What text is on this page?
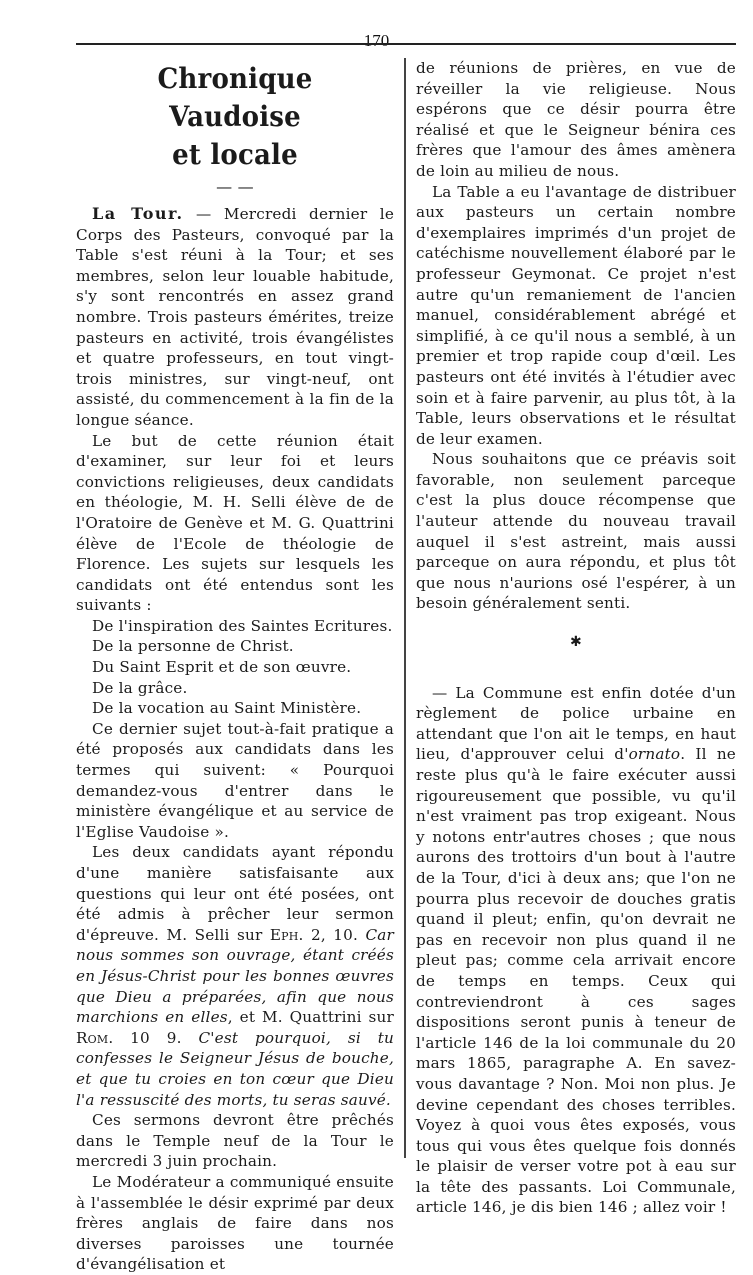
170
Chronique Vaudoise
et locale
— —

La Tour. — Mercredi dernier le Corps des Pasteurs, convoqué par la Table s'est réuni à la Tour; et ses membres, selon leur louable habitude, s'y sont rencontrés en assez grand nombre. Trois pasteurs émérites, treize pasteurs en activité, trois évangélistes et quatre professeurs, en tout vingt-trois ministres, sur vingt-neuf, ont assisté, du commencement à la fin de la longue séance.

Le but de cette réunion était d'examiner, sur leur foi et leurs convictions religieuses, deux candidats en théologie, M. H. Selli élève de de l'Oratoire de Genève et M. G. Quattrini élève de l'Ecole de théologie de Florence. Les sujets sur lesquels les candidats ont été entendus sont les suivants :

De l'inspiration des Saintes Ecritures.

De la personne de Christ.

Du Saint Esprit et de son œuvre.

De la grâce.

De la vocation au Saint Ministère.

Ce dernier sujet tout-à-fait pratique a été proposés aux candidats dans les termes qui suivent: « Pourquoi demandez-vous d'entrer dans le ministère évangélique et au service de l'Eglise Vaudoise ».

Les deux candidats ayant répondu d'une manière satisfaisante aux questions qui leur ont été posées, ont été admis à prêcher leur sermon d'épreuve. M. Selli sur Eph. 2, 10. Car nous sommes son ouvrage, étant créés en Jésus-Christ pour les bonnes œuvres que Dieu a préparées, afin que nous marchions en elles, et M. Quattrini sur Rom. 10 9. C'est pourquoi, si tu confesses le Seigneur Jésus de bouche, et que tu croies en ton cœur que Dieu l'a ressuscité des morts, tu seras sauvé.

Ces sermons devront être prêchés dans le Temple neuf de la Tour le mercredi 3 juin prochain.

Le Modérateur a communiqué ensuite à l'assemblée le désir exprimé par deux frères anglais de faire dans nos diverses paroisses une tournée d'évangélisation et

de réunions de prières, en vue de réveiller la vie religieuse. Nous espérons que ce désir pourra être réalisé et que le Seigneur bénira ces frères que l'amour des âmes amènera de loin au milieu de nous.

La Table a eu l'avantage de distribuer aux pasteurs un certain nombre d'exemplaires imprimés d'un projet de catéchisme nouvellement élaboré par le professeur Geymonat. Ce projet n'est autre qu'un remaniement de l'ancien manuel, considérablement abrégé et simplifié, à ce qu'il nous a semblé, à un premier et trop rapide coup d'œil. Les pasteurs ont été invités à l'étudier avec soin et à faire parvenir, au plus tôt, à la Table, leurs observations et le résultat de leur examen.

Nous souhaitons que ce préavis soit favorable, non seulement parceque c'est la plus douce récompense que l'auteur attende du nouveau travail auquel il s'est astreint, mais aussi parceque on aura répondu, et plus tôt que nous n'aurions osé l'espérer, à un besoin généralement senti.

✱

— La Commune est enfin dotée d'un règlement de police urbaine en attendant que l'on ait le temps, en haut lieu, d'approuver celui d'ornato. Il ne reste plus qu'à le faire exécuter aussi rigoureusement que possible, vu qu'il n'est vraiment pas trop exigeant. Nous y notons entr'autres choses ; que nous aurons des trottoirs d'un bout à l'autre de la Tour, d'ici à deux ans; que l'on ne pourra plus recevoir de douches gratis quand il pleut; enfin, qu'on devrait ne pas en recevoir non plus quand il ne pleut pas; comme cela arrivait encore de temps en temps. Ceux qui contreviendront à ces sages dispositions seront punis à teneur de l'article 146 de la loi communale du 20 mars 1865, paragraphe A. En savez-vous davantage ? Non. Moi non plus. Je devine cependant des choses terribles. Voyez à quoi vous êtes exposés, vous tous qui vous êtes quelque fois donnés le plaisir de verser votre pot à eau sur la tête des passants. Loi Communale, article 146, je dis bien 146 ; allez voir !
